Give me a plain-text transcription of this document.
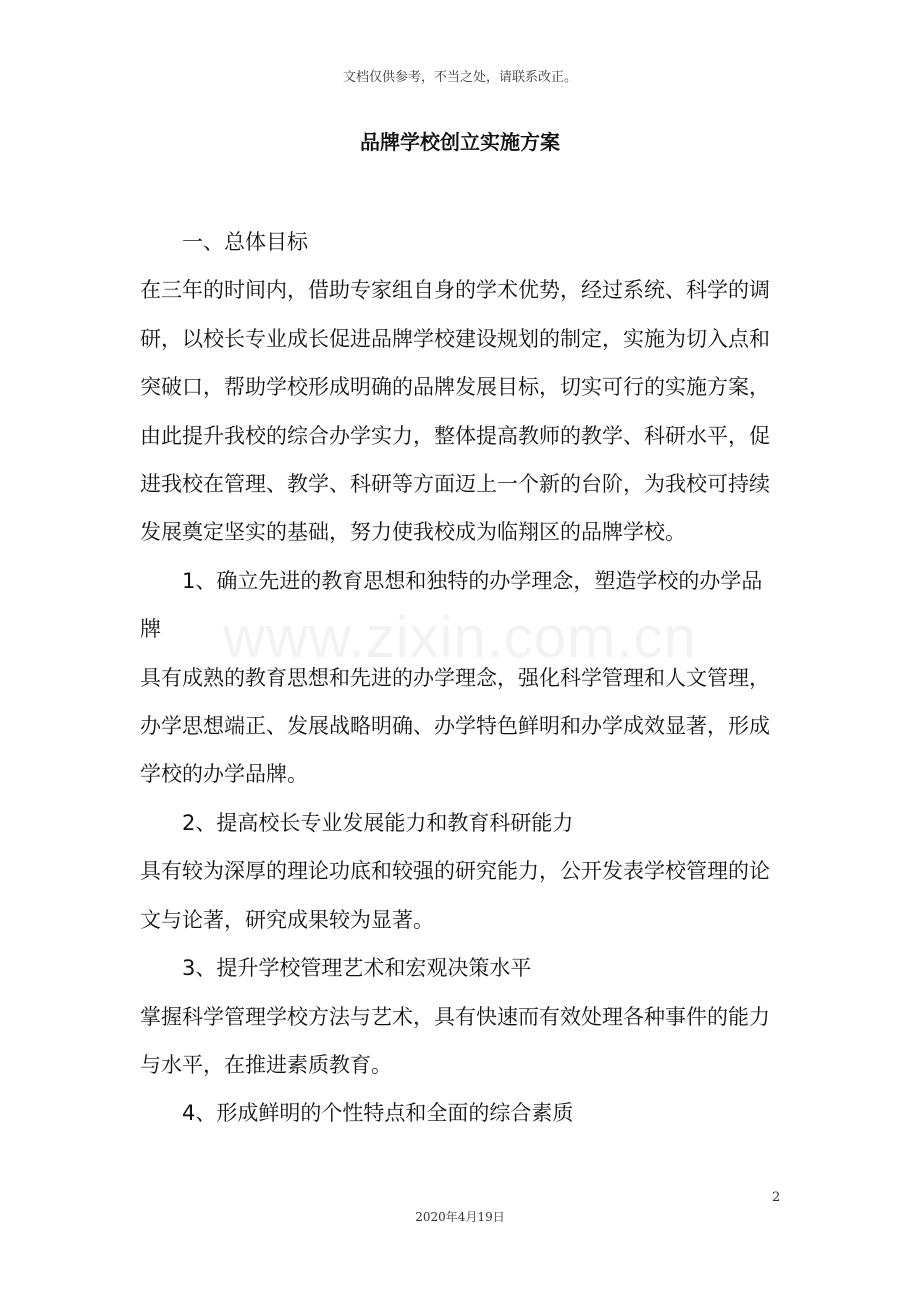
www.zixin.com.cn
文档仅供参考，不当之处，请联系改正。
品牌学校创立实施方案

一、总体目标

在三年的时间内，借助专家组自身的学术优势，经过系统、科学的调研，以校长专业成长促进品牌学校建设规划的制定，实施为切入点和突破口，帮助学校形成明确的品牌发展目标，切实可行的实施方案，由此提升我校的综合办学实力，整体提高教师的教学、科研水平，促进我校在管理、教学、科研等方面迈上一个新的台阶，为我校可持续发展奠定坚实的基础，努力使我校成为临翔区的品牌学校。

1、确立先进的教育思想和独特的办学理念，塑造学校的办学品牌

具有成熟的教育思想和先进的办学理念，强化科学管理和人文管理，办学思想端正、发展战略明确、办学特色鲜明和办学成效显著，形成学校的办学品牌。

2、提高校长专业发展能力和教育科研能力

具有较为深厚的理论功底和较强的研究能力，公开发表学校管理的论文与论著，研究成果较为显著。

3、提升学校管理艺术和宏观决策水平

掌握科学管理学校方法与艺术，具有快速而有效处理各种事件的能力与水平，在推进素质教育。

4、形成鲜明的个性特点和全面的综合素质

2
2020年4月19日
